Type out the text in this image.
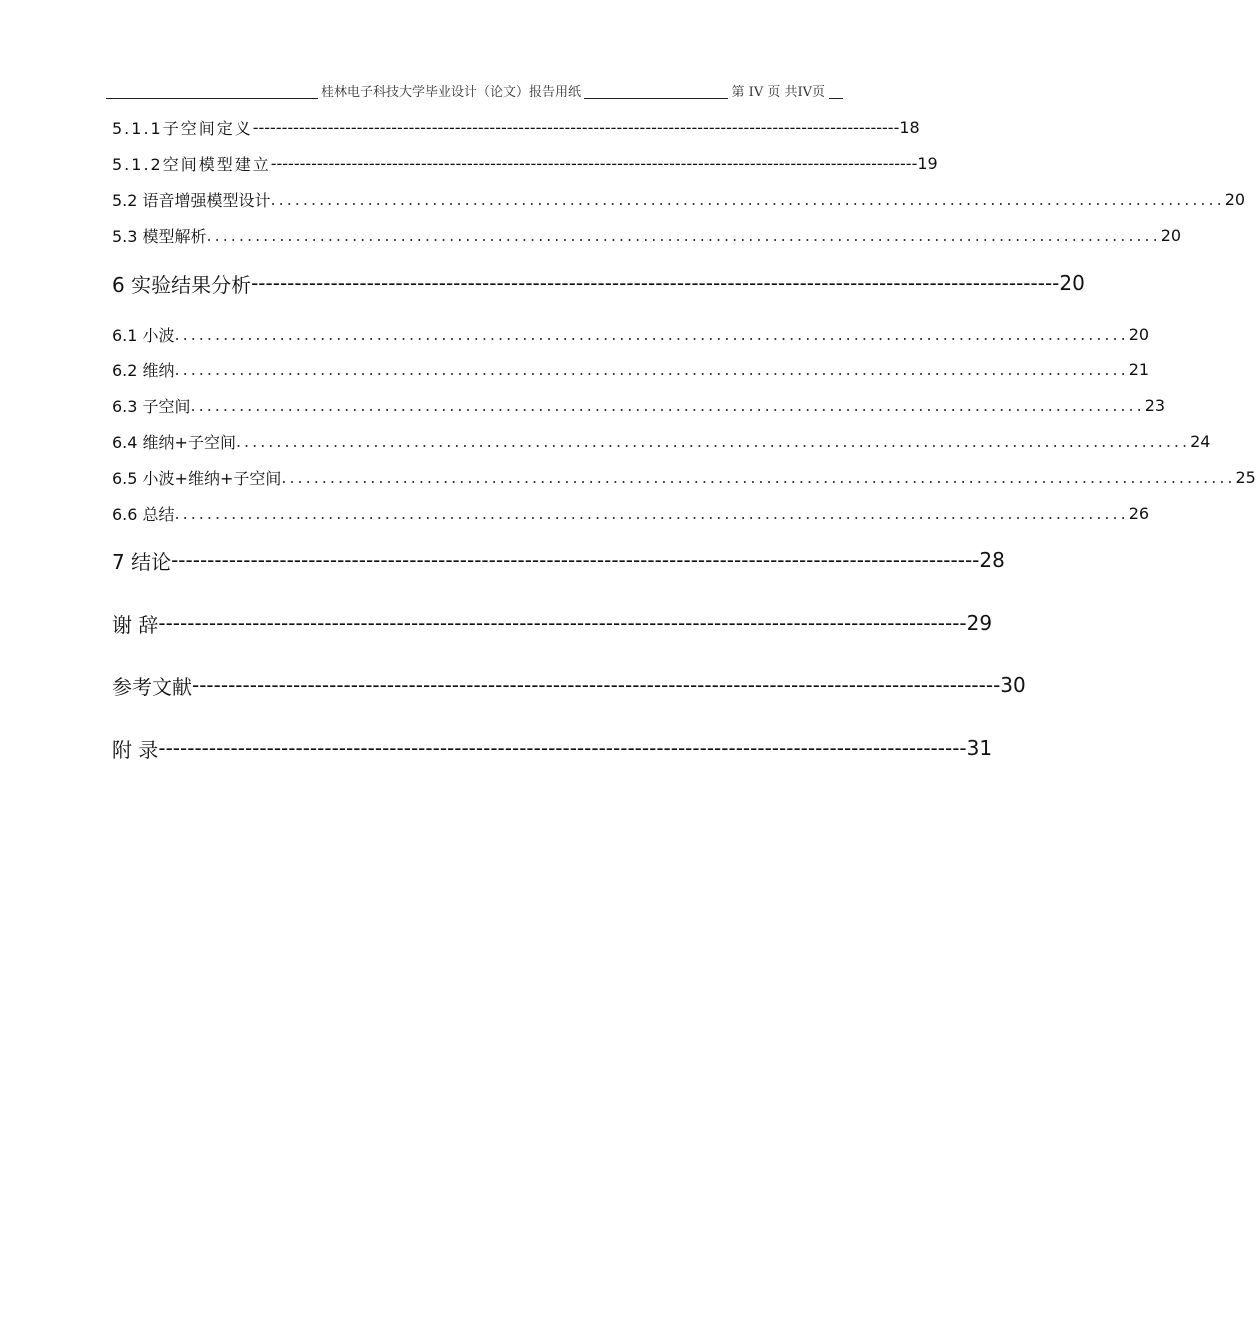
桂林电子科技大学毕业设计（论文）报告用纸	第 IV 页 共IV页
5.1.1子空间定义 ---------------------------------------------------------------------------------------------------------------- 18
5.1.2空间模型建立 ---------------------------------------------------------------------------------------------------------------- 19
5.2 语音增强模型设计 ...................................................................................................................... 20
5.3 模型解析 ...................................................................................................................... 20
6 实验结果分析 ---------------------------------------------------------------------------------------------------------------- 20
6.1 小波 ...................................................................................................................... 20
6.2 维纳 ...................................................................................................................... 21
6.3 子空间 ...................................................................................................................... 23
6.4 维纳+子空间 ...................................................................................................................... 24
6.5 小波+维纳+子空间 ...................................................................................................................... 25
6.6 总结 ...................................................................................................................... 26
7 结论 ---------------------------------------------------------------------------------------------------------------- 28
谢 辞 ---------------------------------------------------------------------------------------------------------------- 29
参考文献 ---------------------------------------------------------------------------------------------------------------- 30
附 录 ---------------------------------------------------------------------------------------------------------------- 31
